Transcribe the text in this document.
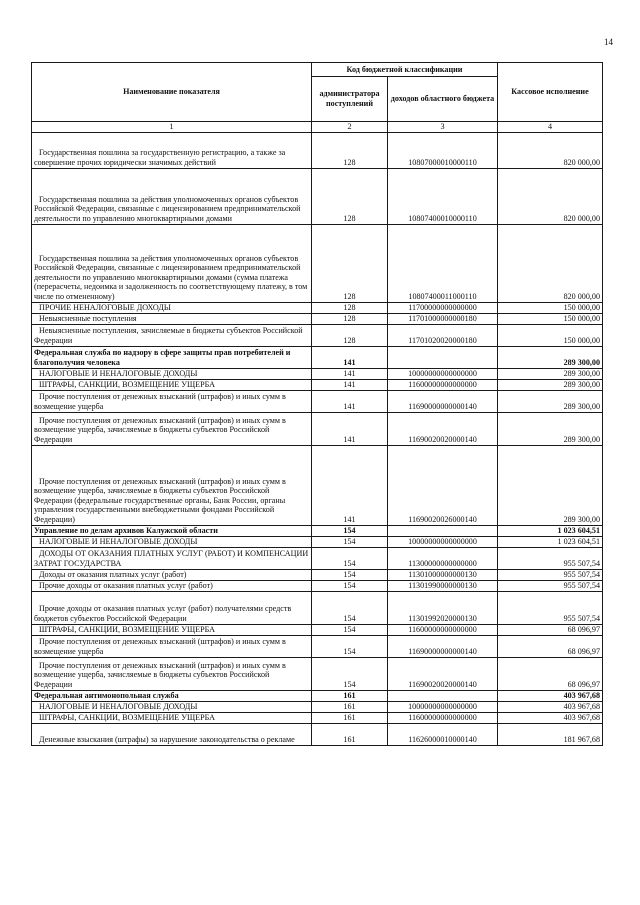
14
Наименование показателя	Код бюджетной классификации		Кассовое исполнение
	администратора поступлений	доходов областного бюджета	
1	2	3	4
Государственная пошлина за государственную регистрацию, а также за совершение прочих юридически значимых действий	128	10807000010000110	820 000,00
Государственная пошлина за действия уполномоченных органов субъектов Российской Федерации, связанные с лицензированием предпринимательской деятельности по управлению многоквартирными домами	128	10807400010000110	820 000,00
Государственная пошлина за действия уполномоченных органов субъектов Российской Федерации, связанные с лицензированием предпринимательской деятельности по управлению многоквартирными домами (сумма платежа (перерасчеты, недоимка и задолженность по соответствующему платежу, в том числе по отмененному)	128	10807400011000110	820 000,00
ПРОЧИЕ НЕНАЛОГОВЫЕ ДОХОДЫ	128	11700000000000000	150 000,00
Невыясненные поступления	128	11701000000000180	150 000,00
Невыясненные поступления, зачисляемые в бюджеты субъектов Российской Федерации	128	11701020020000180	150 000,00
Федеральная служба по надзору в сфере защиты прав потребителей и благополучия человека	141		289 300,00
НАЛОГОВЫЕ И НЕНАЛОГОВЫЕ ДОХОДЫ	141	10000000000000000	289 300,00
ШТРАФЫ, САНКЦИИ, ВОЗМЕЩЕНИЕ УЩЕРБА	141	11600000000000000	289 300,00
Прочие поступления от денежных взысканий (штрафов) и иных сумм в возмещение ущерба	141	11690000000000140	289 300,00
Прочие поступления от денежных взысканий (штрафов) и иных сумм в возмещение ущерба, зачисляемые в бюджеты субъектов Российской Федерации	141	11690020020000140	289 300,00
Прочие поступления от денежных взысканий (штрафов) и иных сумм в возмещение ущерба, зачисляемые в бюджеты субъектов Российской Федерации (федеральные государственные органы, Банк России, органы управления государственными внебюджетными фондами Российской Федерации)	141	11690020026000140	289 300,00
Управление по делам архивов Калужской области	154		1 023 604,51
НАЛОГОВЫЕ И НЕНАЛОГОВЫЕ ДОХОДЫ	154	10000000000000000	1 023 604,51
ДОХОДЫ ОТ ОКАЗАНИЯ ПЛАТНЫХ УСЛУГ (РАБОТ) И КОМПЕНСАЦИИ ЗАТРАТ ГОСУДАРСТВА	154	11300000000000000	955 507,54
Доходы от оказания платных услуг (работ)	154	11301000000000130	955 507,54
Прочие доходы от оказания платных услуг (работ)	154	11301990000000130	955 507,54
Прочие доходы от оказания платных услуг (работ) получателями средств бюджетов субъектов Российской Федерации	154	11301992020000130	955 507,54
ШТРАФЫ, САНКЦИИ, ВОЗМЕЩЕНИЕ УЩЕРБА	154	11600000000000000	68 096,97
Прочие поступления от денежных взысканий (штрафов) и иных сумм в возмещение ущерба	154	11690000000000140	68 096,97
Прочие поступления от денежных взысканий (штрафов) и иных сумм в возмещение ущерба, зачисляемые в бюджеты субъектов Российской Федерации	154	11690020020000140	68 096,97
Федеральная антимонопольная служба	161		403 967,68
НАЛОГОВЫЕ И НЕНАЛОГОВЫЕ ДОХОДЫ	161	10000000000000000	403 967,68
ШТРАФЫ, САНКЦИИ, ВОЗМЕЩЕНИЕ УЩЕРБА	161	11600000000000000	403 967,68
Денежные взыскания (штрафы) за нарушение законодательства о рекламе	161	11626000010000140	181 967,68
